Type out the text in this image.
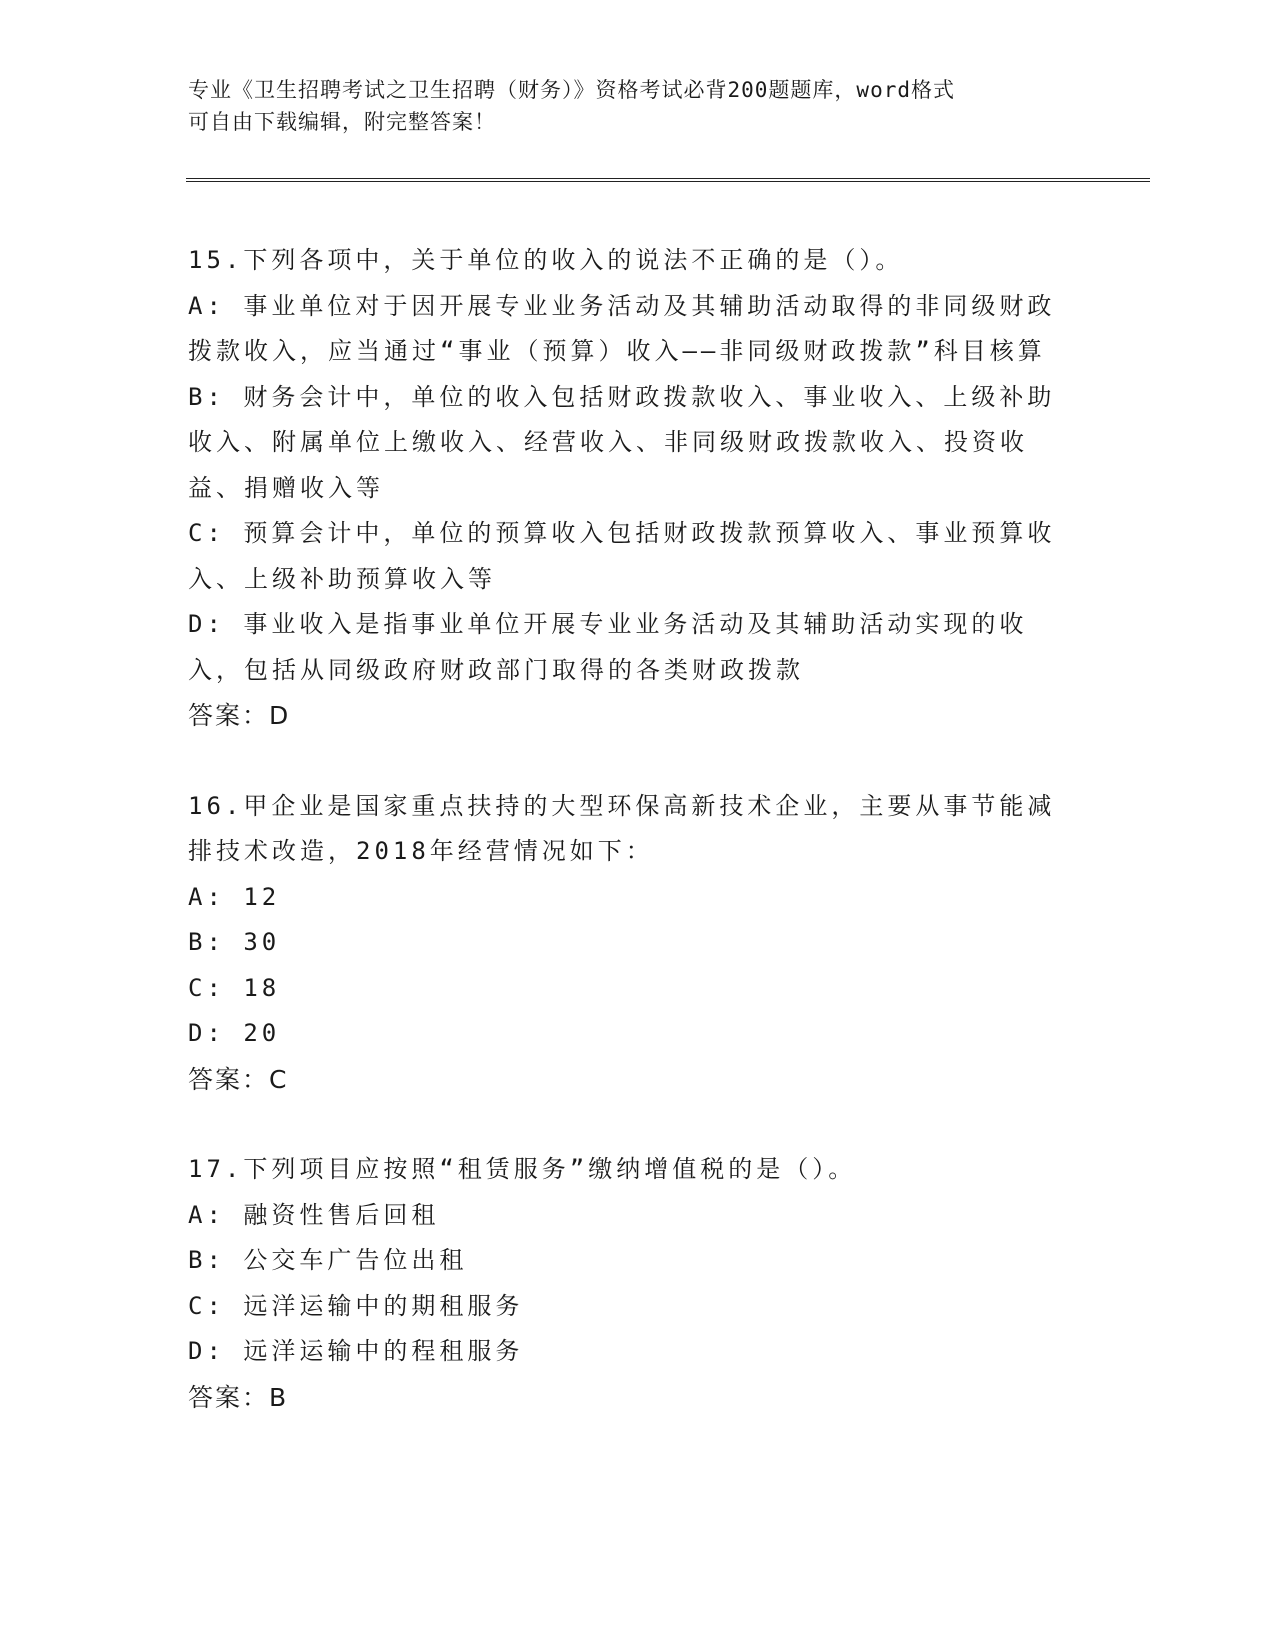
专业《卫生招聘考试之卫生招聘（财务）》资格考试必背200题题库，word格式
可自由下载编辑，附完整答案！

15.下列各项中，关于单位的收入的说法不正确的是（）。

A: 事业单位对于因开展专业业务活动及其辅助活动取得的非同级财政拨款收入，应当通过“事业（预算）收入——非同级财政拨款”科目核算

B: 财务会计中，单位的收入包括财政拨款收入、事业收入、上级补助收入、附属单位上缴收入、经营收入、非同级财政拨款收入、投资收益、捐赠收入等

C: 预算会计中，单位的预算收入包括财政拨款预算收入、事业预算收入、上级补助预算收入等

D: 事业收入是指事业单位开展专业业务活动及其辅助活动实现的收入，包括从同级政府财政部门取得的各类财政拨款

答案：D

16.甲企业是国家重点扶持的大型环保高新技术企业，主要从事节能减排技术改造，2018年经营情况如下：

A: 12

B: 30

C: 18

D: 20

答案：C

17.下列项目应按照“租赁服务”缴纳增值税的是（）。

A: 融资性售后回租

B: 公交车广告位出租

C: 远洋运输中的期租服务

D: 远洋运输中的程租服务

答案：B
